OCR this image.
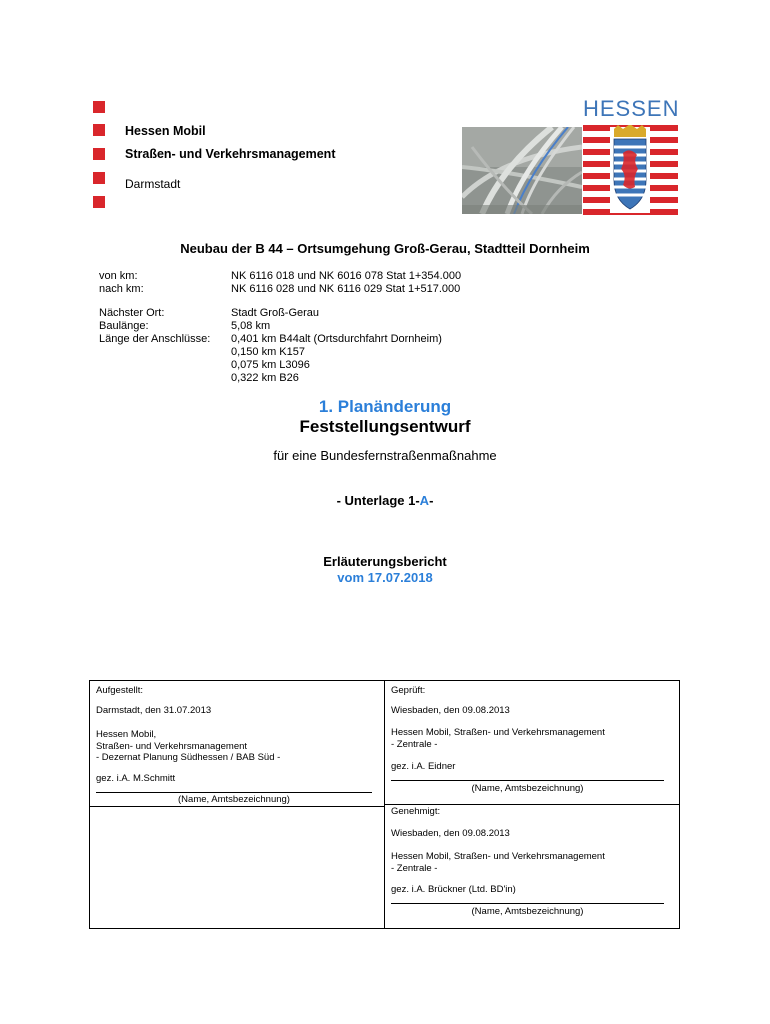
Hessen Mobil
Straßen- und Verkehrsmanagement
Darmstadt
HESSEN
Neubau der B 44 – Ortsumgehung Groß-Gerau, Stadtteil Dornheim
von km:	NK 6116 018 und NK 6016 078 Stat 1+354.000
nach km:	NK 6116 028 und NK 6116 029 Stat 1+517.000
Nächster Ort:	Stadt Groß-Gerau
Baulänge:	5,08 km
Länge der Anschlüsse: 0,401 km B44alt (Ortsdurchfahrt Dornheim)
0,150 km K157
0,075 km L3096
0,322 km B26
1. Planänderung
Feststellungsentwurf
für eine Bundesfernstraßenmaßnahme
- Unterlage 1-A-
Erläuterungsbericht
vom 17.07.2018
Aufgestellt:
Darmstadt, den 31.07.2013
Hessen Mobil,
Straßen- und Verkehrsmanagement
- Dezernat Planung Südhessen / BAB Süd -
gez. i.A. M.Schmitt
(Name, Amtsbezeichnung)
Geprüft:
Wiesbaden, den 09.08.2013
Hessen Mobil, Straßen- und Verkehrsmanagement
- Zentrale -
gez. i.A. Eidner
(Name, Amtsbezeichnung)
Genehmigt:
Wiesbaden, den 09.08.2013
Hessen Mobil, Straßen- und Verkehrsmanagement
- Zentrale -
gez. i.A. Brückner (Ltd. BD'in)
(Name, Amtsbezeichnung)
